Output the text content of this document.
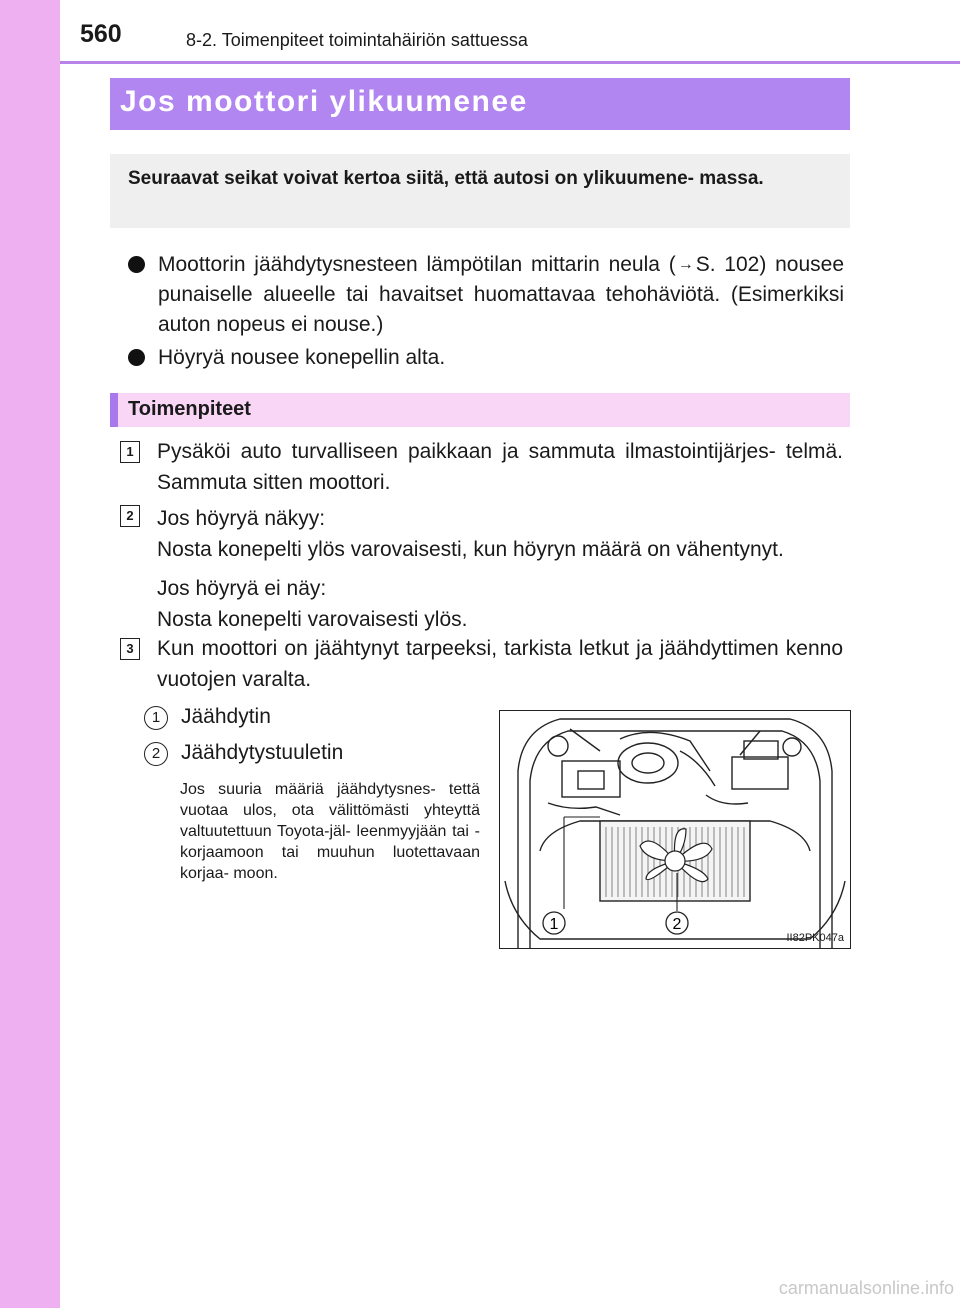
560	8-2. Toimenpiteet toimintahäiriön sattuessa
Jos moottori ylikuumenee

Seuraavat seikat voivat kertoa siitä, että autosi on ylikuumene- massa.

Moottorin jäähdytysnesteen lämpötilan mittarin neula ( →S. 102) nousee punaiselle alueelle tai havaitset huomattavaa tehohäviötä. (Esimerkiksi auton nopeus ei nouse.)
Höyryä nousee konepellin alta.
Toimenpiteet
1	Pysäköi auto turvalliseen paikkaan ja sammuta ilmastointijärjes- telmä. Sammuta sitten moottori.
2	Jos höyryä näkyy:

Nosta konepelti ylös varovaisesti, kun höyryn määrä on vähentynyt.

Jos höyryä ei näy:

Nosta konepelti varovaisesti ylös.

3	Kun moottori on jäähtynyt tarpeeksi, tarkista letkut ja jäähdyttimen kenno vuotojen varalta.
1 Jäähdytin
2 Jäähdytystuuletin
Jos suuria määriä jäähdytysnes- tettä vuotaa ulos, ota välittömästi yhteyttä valtuutettuun Toyota-jäl- leenmyyjään tai -korjaamoon tai muuhun luotettavaan korjaa- moon.
1	2
II82PK047a
carmanualsonline.info
